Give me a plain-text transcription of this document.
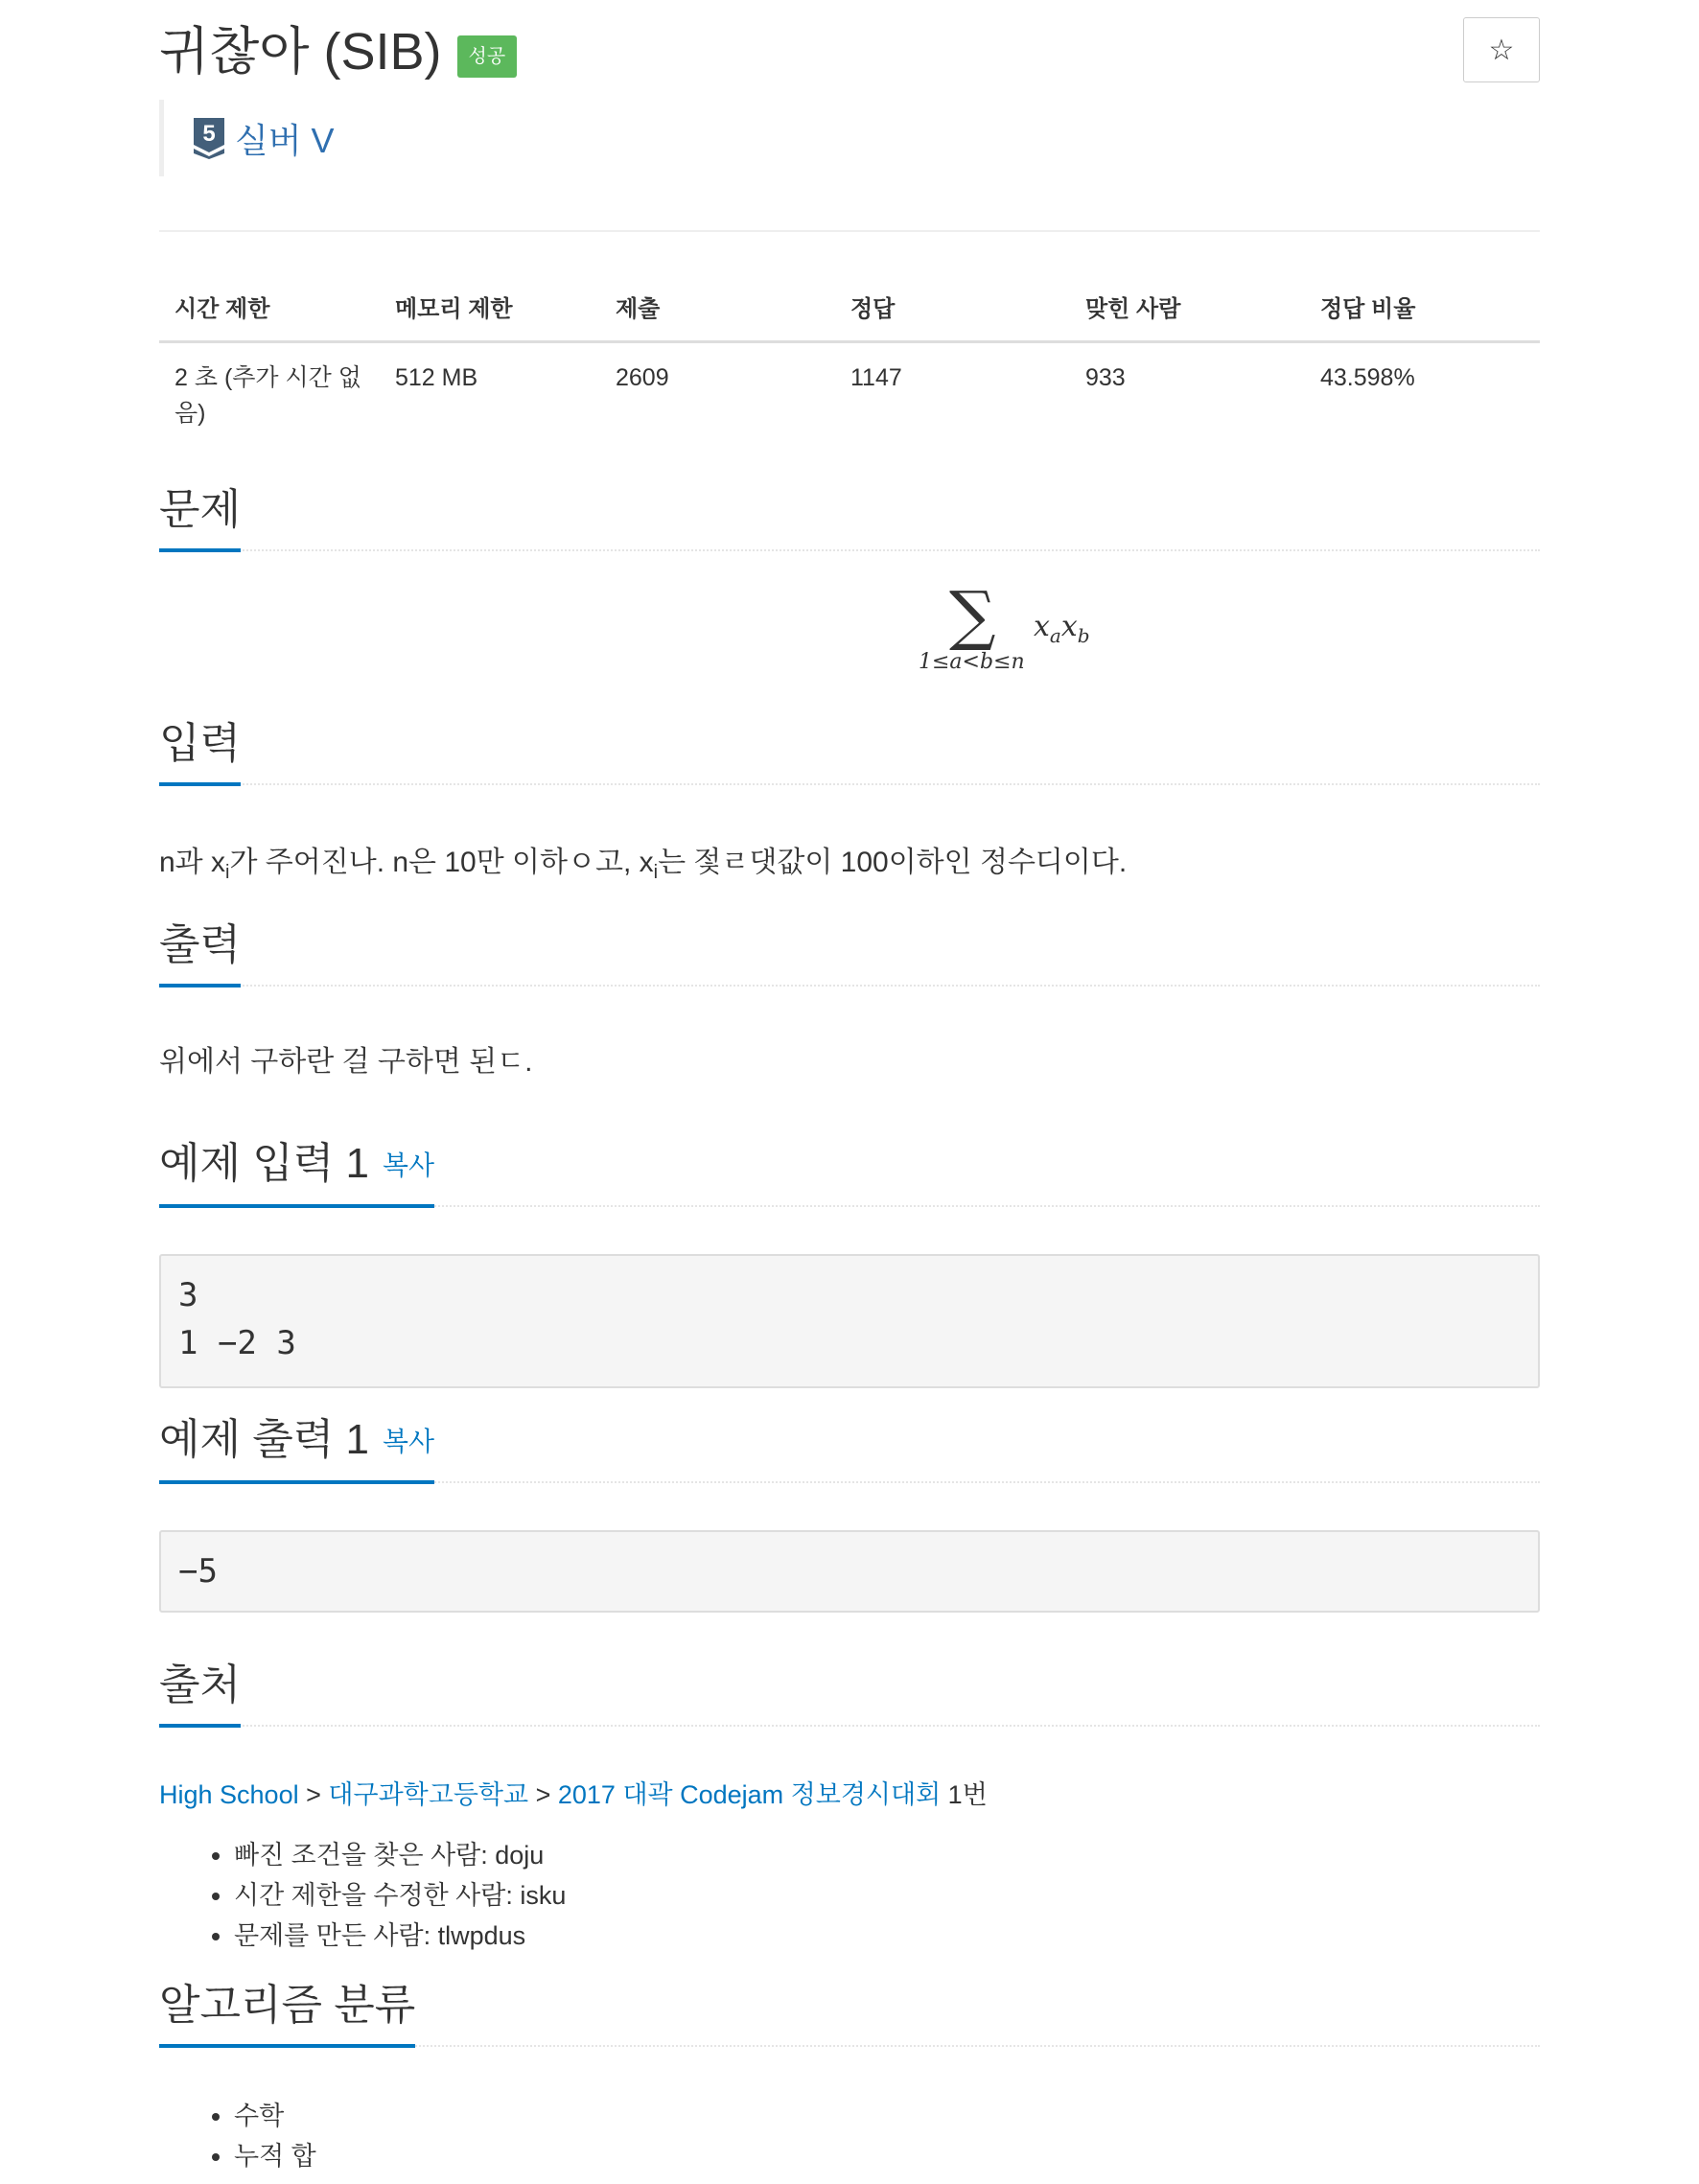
귀찮아 (SIB)	성공	☆
5 실버 V
시간 제한	메모리 제한	제출	정답	맞힌 사람	정답 비율
2 초 (추가 시간 없음)	512 MB	2609	1147	933	43.598%
문제
∑
1≤a<b≤n
$x_ax_b$
입력
n과 $x_i$가 주어진나. n은 10만 이하ㅇ고, $x_i$는 젗ㄹ댓값이 100이하인 정수디이다.
출력
위에서 구하란 걸 구하면 된ㄷ.
예제 입력 1 복사
3
1 −2 3
예제 출력 1 복사
−5
출처
High School > 대구과학고등학교 > 2017 대곽 Codejam 정보경시대회 1번
• 빠진 조건을 찾은 사람: doju
• 시간 제한을 수정한 사람: isku
• 문제를 만든 사람: tlwpdus
알고리즘 분류
• 수학
• 누적 합
